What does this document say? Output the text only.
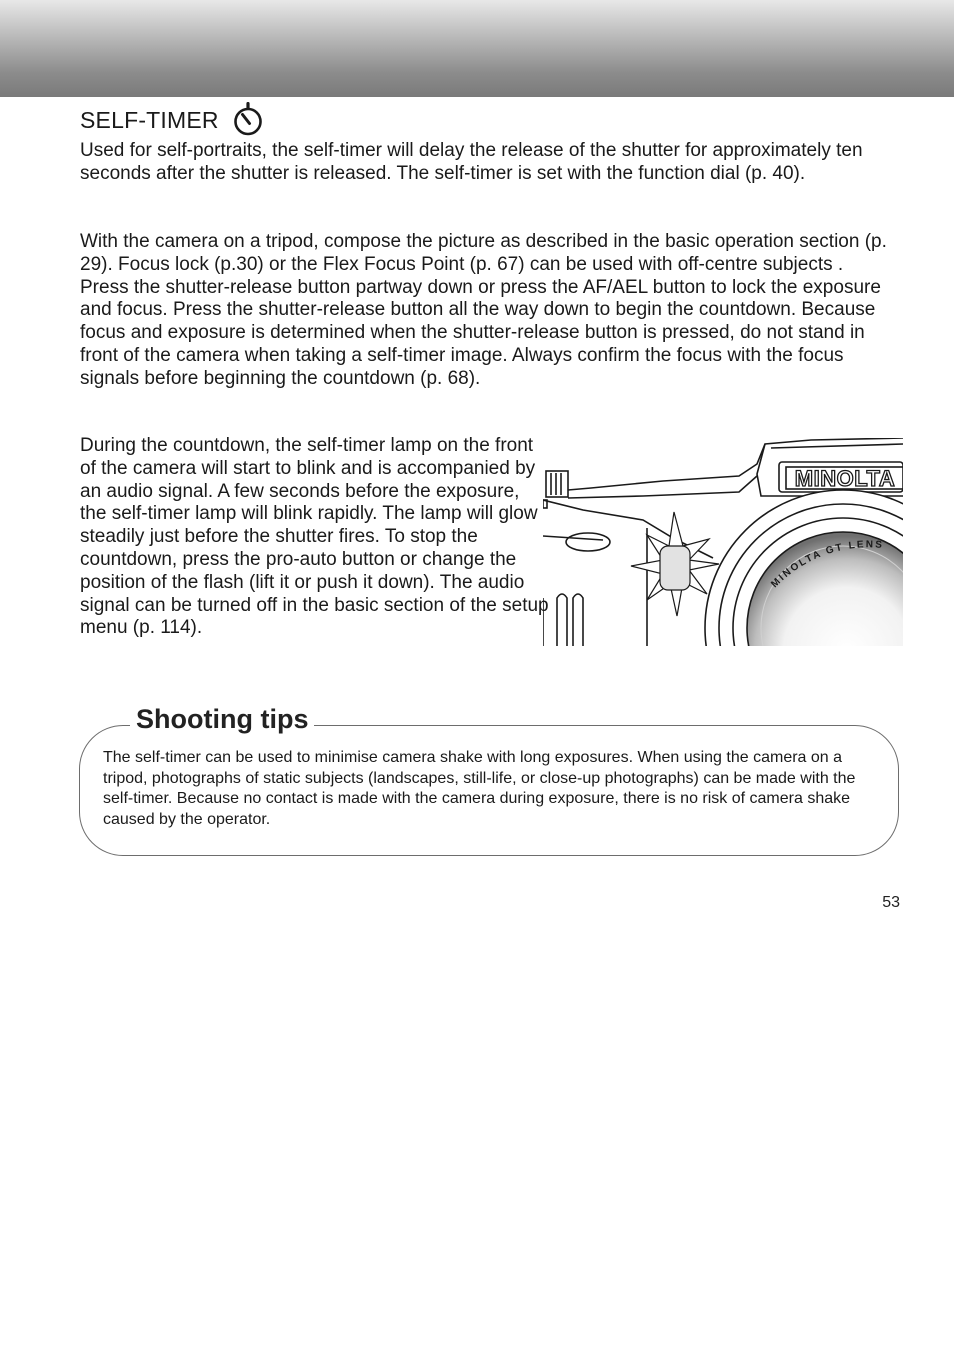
SELF-TIMER

Used for self-portraits, the self-timer will delay the release of the shutter for approximately ten seconds after the shutter is released. The self-timer is set with the function dial (p. 40).

With the camera on a tripod, compose the picture as described in the basic operation section (p. 29). Focus lock (p.30) or the Flex Focus Point (p. 67) can be used with off-centre subjects . Press the shutter-release button partway down or press the AF/AEL button to lock the exposure and focus. Press the shutter-release button all the way down to begin the countdown. Because focus and exposure is determined when the shutter-release button is pressed, do not stand in front of the camera when taking a self-timer image. Always confirm the focus with the focus signals before beginning the countdown (p. 68).

During the countdown, the self-timer lamp on the front of the camera will start to blink and is accompanied by an audio signal. A few seconds before the exposure, the self-timer lamp will blink rapidly. The lamp will glow steadily just before the shutter fires. To stop the countdown, press the pro-auto button or change the position of the flash (lift it or push it down). The audio signal can be turned off in the basic section of the setup menu (p. 114).

MINOLTA
MINOLTA GT LENS
Shooting tips

The self-timer can be used to minimise camera shake with long exposures. When using the camera on a tripod, photographs of static subjects (landscapes, still-life, or close-up photographs) can be made with the self-timer. Because no contact is made with the camera during exposure, there is no risk of camera shake caused by the operator.

53
